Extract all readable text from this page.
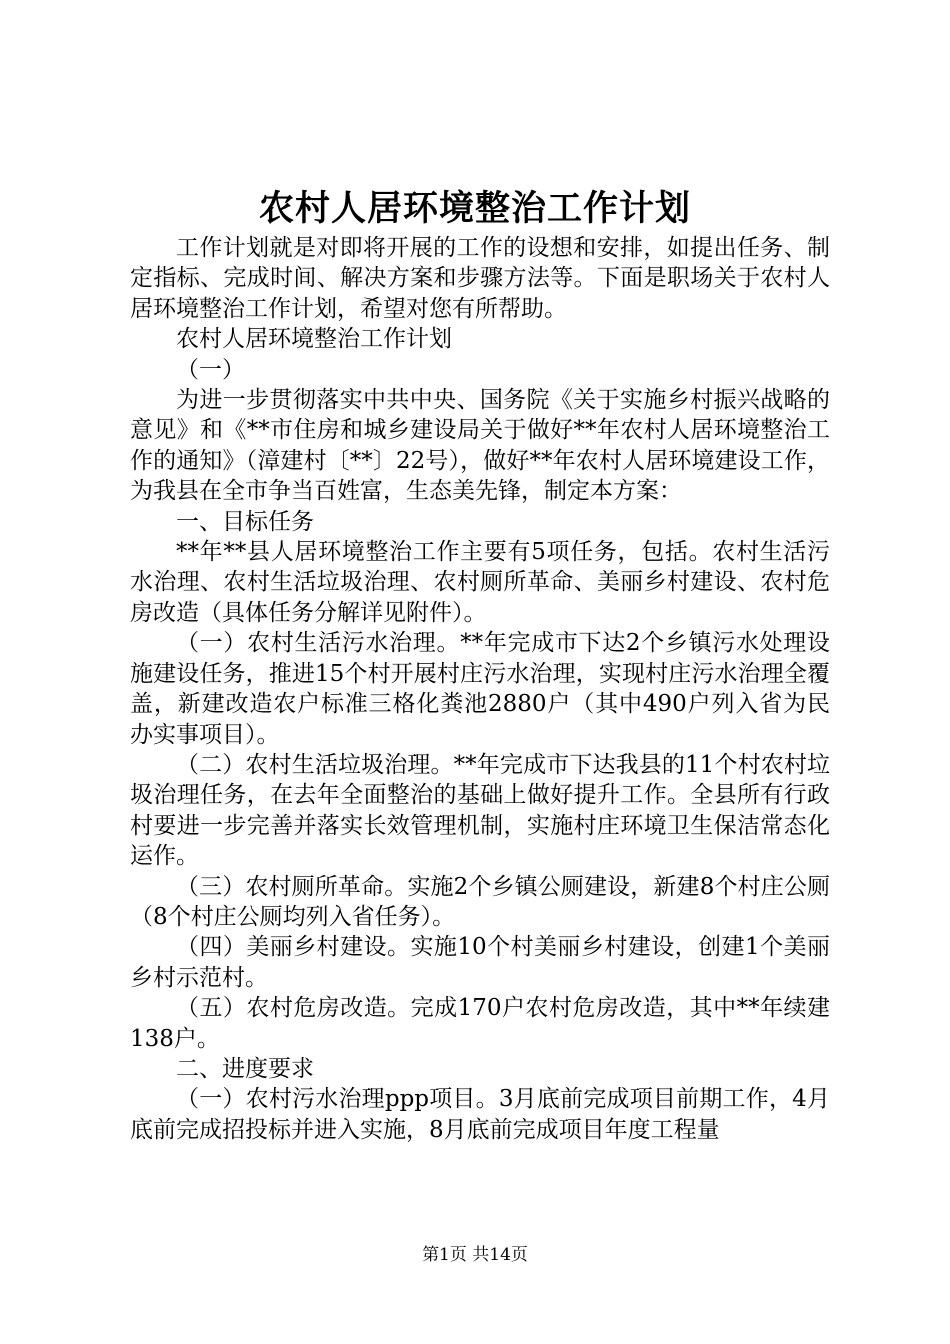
农村人居环境整治工作计划

工作计划就是对即将开展的工作的设想和安排，如提出任务、制定指标、完成时间、解决方案和步骤方法等。下面是职场关于农村人居环境整治工作计划，希望对您有所帮助。

农村人居环境整治工作计划

（一）

为进一步贯彻落实中共中央、国务院《关于实施乡村振兴战略的意见》和《**市住房和城乡建设局关于做好**年农村人居环境整治工作的通知》（漳建村〔**〕22号），做好**年农村人居环境建设工作，为我县在全市争当百姓富，生态美先锋，制定本方案：

一、目标任务

**年**县人居环境整治工作主要有5项任务，包括。农村生活污水治理、农村生活垃圾治理、农村厕所革命、美丽乡村建设、农村危房改造（具体任务分解详见附件）。

（一）农村生活污水治理。**年完成市下达2个乡镇污水处理设施建设任务，推进15个村开展村庄污水治理，实现村庄污水治理全覆盖，新建改造农户标准三格化粪池2880户（其中490户列入省为民办实事项目）。

（二）农村生活垃圾治理。**年完成市下达我县的11个村农村垃圾治理任务，在去年全面整治的基础上做好提升工作。全县所有行政村要进一步完善并落实长效管理机制，实施村庄环境卫生保洁常态化运作。

（三）农村厕所革命。实施2个乡镇公厕建设，新建8个村庄公厕（8个村庄公厕均列入省任务）。

（四）美丽乡村建设。实施10个村美丽乡村建设，创建1个美丽乡村示范村。

（五）农村危房改造。完成170户农村危房改造，其中**年续建138户。

二、进度要求

（一）农村污水治理ppp项目。3月底前完成项目前期工作，4月底前完成招投标并进入实施，8月底前完成项目年度工程量

第1页 共14页
